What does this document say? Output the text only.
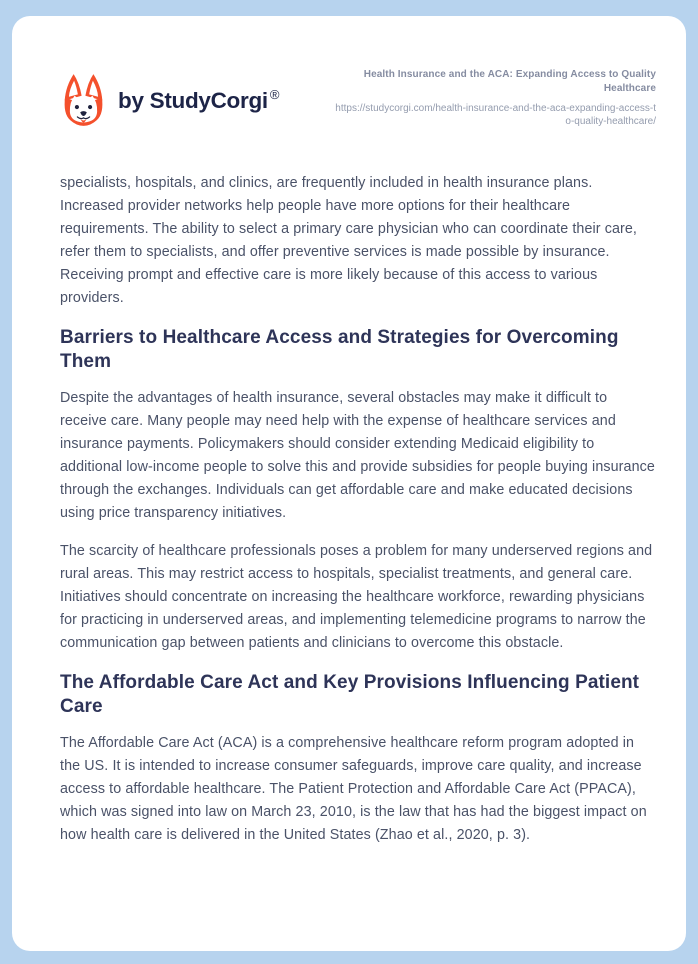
by StudyCorgi ®
Health Insurance and the ACA: Expanding Access to Quality Healthcare
https://studycorgi.com/health-insurance-and-the-aca-expanding-access-to-quality-healthcare/

specialists, hospitals, and clinics, are frequently included in health insurance plans. Increased provider networks help people have more options for their healthcare requirements. The ability to select a primary care physician who can coordinate their care, refer them to specialists, and offer preventive services is made possible by insurance. Receiving prompt and effective care is more likely because of this access to various providers.

Barriers to Healthcare Access and Strategies for Overcoming Them

Despite the advantages of health insurance, several obstacles may make it difficult to receive care. Many people may need help with the expense of healthcare services and insurance payments. Policymakers should consider extending Medicaid eligibility to additional low-income people to solve this and provide subsidies for people buying insurance through the exchanges. Individuals can get affordable care and make educated decisions using price transparency initiatives.

The scarcity of healthcare professionals poses a problem for many underserved regions and rural areas. This may restrict access to hospitals, specialist treatments, and general care. Initiatives should concentrate on increasing the healthcare workforce, rewarding physicians for practicing in underserved areas, and implementing telemedicine programs to narrow the communication gap between patients and clinicians to overcome this obstacle.

The Affordable Care Act and Key Provisions Influencing Patient Care

The Affordable Care Act (ACA) is a comprehensive healthcare reform program adopted in the US. It is intended to increase consumer safeguards, improve care quality, and increase access to affordable healthcare. The Patient Protection and Affordable Care Act (PPACA), which was signed into law on March 23, 2010, is the law that has had the biggest impact on how health care is delivered in the United States (Zhao et al., 2020, p. 3).
